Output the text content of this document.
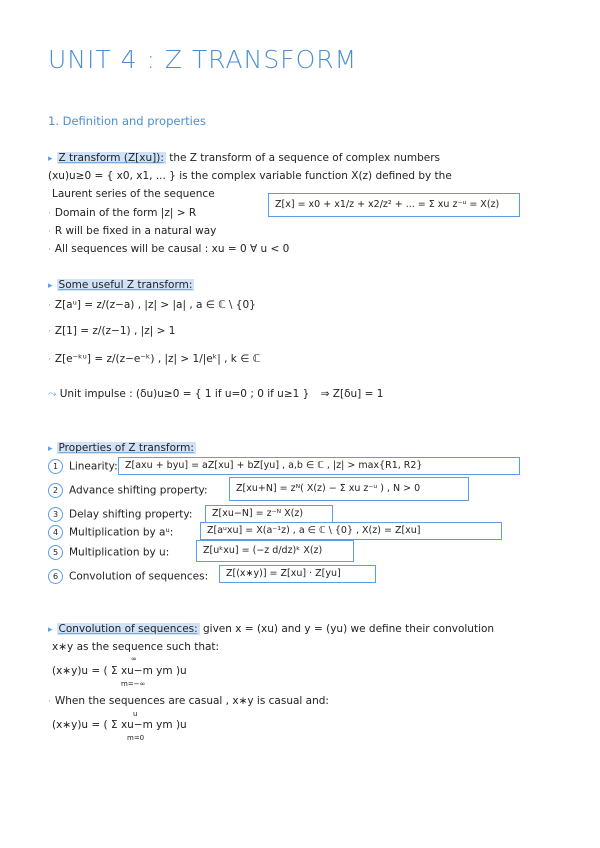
UNIT 4 : Z TRANSFORM
1. Definition and properties
▸ Z transform (Z[xu]): the Z transform of a sequence of complex numbers
(xu)u≥0 = { x0, x1, ... } is the complex variable function X(z) defined by the
Laurent series of the sequence
Z[x] = x0 + x1/z + x2/z² + ... = Σ xu z⁻ᵘ = X(z)
· Domain of the form |z| > R
· R will be fixed in a natural way
· All sequences will be causal : xu = 0 ∀ u < 0
▸ Some useful Z transform:
· Z[aᵘ] = z/(z−a) , |z| > |a| , a ∈ ℂ \ {0}
· Z[1] = z/(z−1) , |z| > 1
· Z[e⁻ᵏᵘ] = z/(z−e⁻ᵏ) , |z| > 1/|eᵏ| , k ∈ ℂ
⤳ Unit impulse : (δu)u≥0 = { 1 if u=0 ; 0 if u≥1 } ⇒ Z[δu] = 1
▸ Properties of Z transform:
1 Linearity: Z[axu + byu] = aZ[xu] + bZ[yu] , a,b ∈ ℂ , |z| > max{R1, R2}
2 Advance shifting property:	Z[xu+N] = zᴺ( X(z) − Σ xu z⁻ᵘ ) , N > 0
3 Delay shifting property:	Z[xu−N] = z⁻ᴺ X(z)
4 Multiplication by aᵘ:	Z[aᵘxu] = X(a⁻¹z) , a ∈ ℂ \ {0} , X(z) = Z[xu]
5 Multiplication by u:	Z[uᵏxu] = (−z d/dz)ᵏ X(z)
6 Convolution of sequences:	Z[(x∗y)] = Z[xu] · Z[yu]
▸ Convolution of sequences: given x = (xu) and y = (yu) we define their convolution
x∗y as the sequence such that:
∞
(x∗y)u = ( Σ xu−m ym )u
m=−∞
· When the sequences are casual , x∗y is casual and:
u
(x∗y)u = ( Σ xu−m ym )u
m=0
